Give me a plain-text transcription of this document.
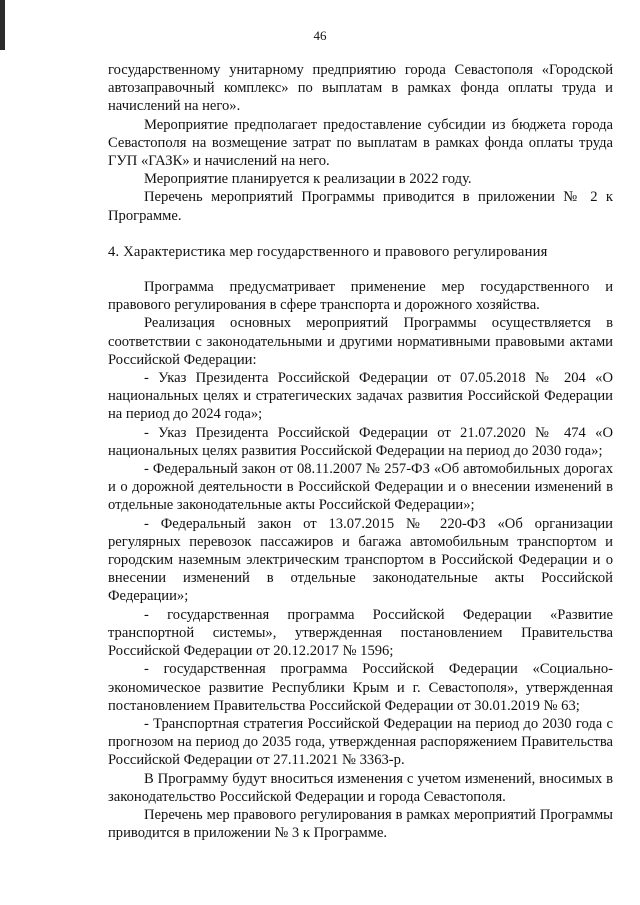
46

государственному унитарному предприятию города Севастополя «Городской автозаправочный комплекс» по выплатам в рамках фонда оплаты труда и начислений на него».

Мероприятие предполагает предоставление субсидии из бюджета города Севастополя на возмещение затрат по выплатам в рамках фонда оплаты труда ГУП «ГАЗК» и начислений на него.

Мероприятие планируется к реализации в 2022 году.

Перечень мероприятий Программы приводится в приложении № 2 к Программе.

4. Характеристика мер государственного и правового регулирования

Программа предусматривает применение мер государственного и правового регулирования в сфере транспорта и дорожного хозяйства.

Реализация основных мероприятий Программы осуществляется в соответствии с законодательными и другими нормативными правовыми актами Российской Федерации:

- Указ Президента Российской Федерации от 07.05.2018 № 204 «О национальных целях и стратегических задачах развития Российской Федерации на период до 2024 года»;

- Указ Президента Российской Федерации от 21.07.2020 № 474 «О национальных целях развития Российской Федерации на период до 2030 года»;

- Федеральный закон от 08.11.2007 № 257-ФЗ «Об автомобильных дорогах и о дорожной деятельности в Российской Федерации и о внесении изменений в отдельные законодательные акты Российской Федерации»;

- Федеральный закон от 13.07.2015 № 220-ФЗ «Об организации регулярных перевозок пассажиров и багажа автомобильным транспортом и городским наземным электрическим транспортом в Российской Федерации и о внесении изменений в отдельные законодательные акты Российской Федерации»;

- государственная программа Российской Федерации «Развитие транспортной системы», утвержденная постановлением Правительства Российской Федерации от 20.12.2017 № 1596;

- государственная программа Российской Федерации «Социально-экономическое развитие Республики Крым и г. Севастополя», утвержденная постановлением Правительства Российской Федерации от 30.01.2019 № 63;

- Транспортная стратегия Российской Федерации на период до 2030 года с прогнозом на период до 2035 года, утвержденная распоряжением Правительства Российской Федерации от 27.11.2021 № 3363-р.

В Программу будут вноситься изменения с учетом изменений, вносимых в законодательство Российской Федерации и города Севастополя.

Перечень мер правового регулирования в рамках мероприятий Программы приводится в приложении № 3 к Программе.
